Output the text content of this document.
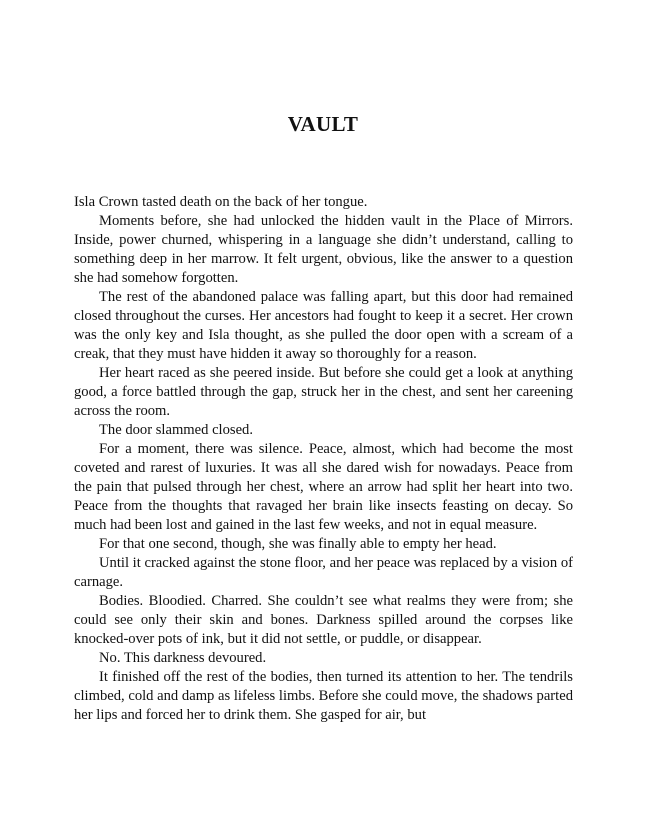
VAULT

Isla Crown tasted death on the back of her tongue.

Moments before, she had unlocked the hidden vault in the Place of Mirrors. Inside, power churned, whispering in a language she didn’t understand, calling to something deep in her marrow. It felt urgent, obvious, like the answer to a question she had somehow forgotten.

The rest of the abandoned palace was falling apart, but this door had remained closed throughout the curses. Her ancestors had fought to keep it a secret. Her crown was the only key and Isla thought, as she pulled the door open with a scream of a creak, that they must have hidden it away so thoroughly for a reason.

Her heart raced as she peered inside. But before she could get a look at anything good, a force battled through the gap, struck her in the chest, and sent her careening across the room.

The door slammed closed.

For a moment, there was silence. Peace, almost, which had become the most coveted and rarest of luxuries. It was all she dared wish for nowadays. Peace from the pain that pulsed through her chest, where an arrow had split her heart into two. Peace from the thoughts that ravaged her brain like insects feasting on decay. So much had been lost and gained in the last few weeks, and not in equal measure.

For that one second, though, she was finally able to empty her head.

Until it cracked against the stone floor, and her peace was replaced by a vision of carnage.

Bodies. Bloodied. Charred. She couldn’t see what realms they were from; she could see only their skin and bones. Darkness spilled around the corpses like knocked-over pots of ink, but it did not settle, or puddle, or disappear.

No. This darkness devoured.

It finished off the rest of the bodies, then turned its attention to her. The tendrils climbed, cold and damp as lifeless limbs. Before she could move, the shadows parted her lips and forced her to drink them. She gasped for air, but
